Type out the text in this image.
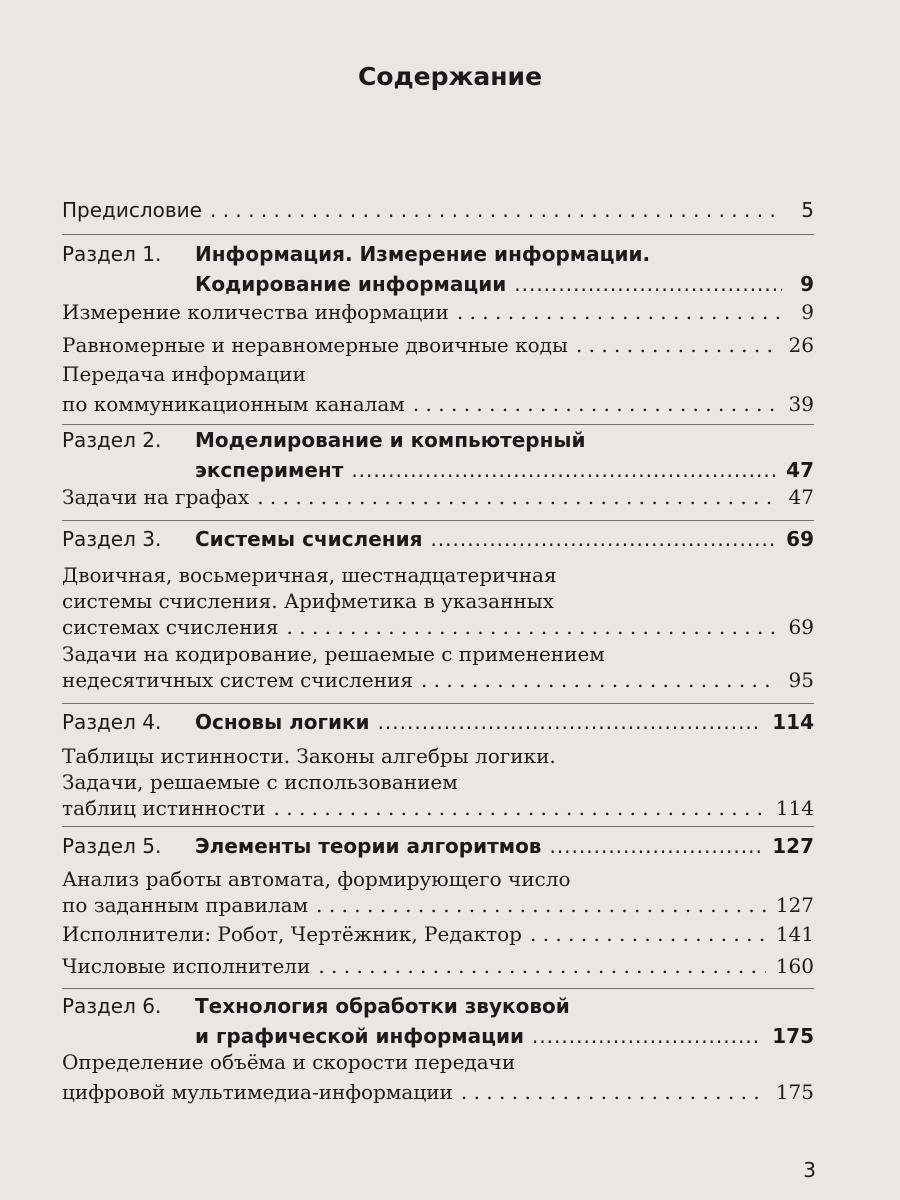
Содержание
Предисловие . . .	5
Раздел 1.	Информация. Измерение информации.
Кодирование информации .....	9
Измерение количества информации . . .	9
Равномерные и неравномерные двоичные коды . . .	26
Передача информации
по коммуникационным каналам . . .	39
Раздел 2.	Моделирование и компьютерный
эксперимент .....	47
Задачи на графах . . .	47
Раздел 3.	Системы счисления .....	69
Двоичная, восьмеричная, шестнадцатеричная
системы счисления. Арифметика в указанных
системах счисления . . .	69
Задачи на кодирование, решаемые с применением
недесятичных систем счисления . . .	95
Раздел 4.	Основы логики .....	114
Таблицы истинности. Законы алгебры логики.
Задачи, решаемые с использованием
таблиц истинности . . .	114
Раздел 5.	Элементы теории алгоритмов .....	127
Анализ работы автомата, формирующего число
по заданным правилам . . .	127
Исполнители: Робот, Чертёжник, Редактор . . .	141
Числовые исполнители . . .	160
Раздел 6.	Технология обработки звуковой
и графической информации .....	175
Определение объёма и скорости передачи
цифровой мультимедиа-информации . . .	175
3
